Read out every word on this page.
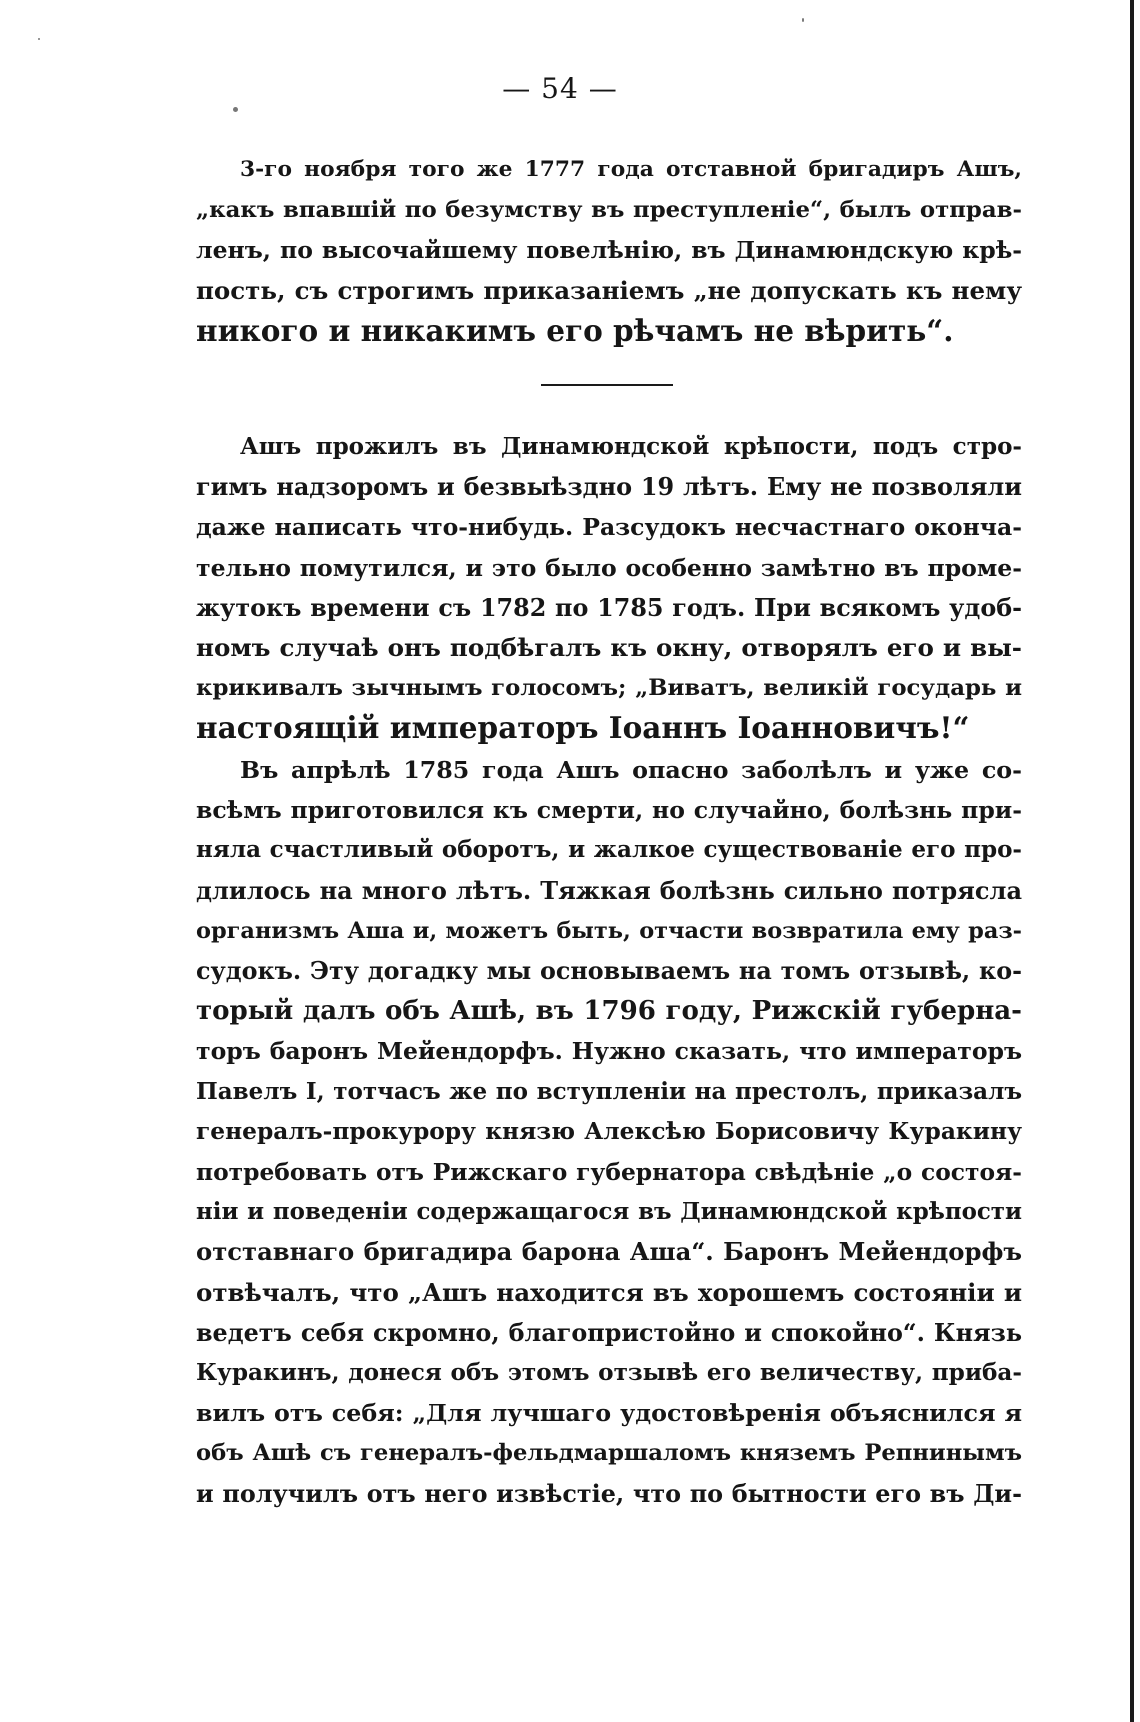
— 54 —
3-го ноября того же 1777 года отставной бригадиръ Ашъ,
„какъ впавшій по безумству въ преступленіе“, былъ отправ-
ленъ, по высочайшему повелѣнію, въ Динамюндскую крѣ-
пость, съ строгимъ приказаніемъ „не допускать къ нему
никого и никакимъ его рѣчамъ не вѣрить“.
Ашъ прожилъ въ Динамюндской крѣпости, подъ стро-
гимъ надзоромъ и безвыѣздно 19 лѣтъ. Ему не позволяли
даже написать что-нибудь. Разсудокъ несчастнаго оконча-
тельно помутился, и это было особенно замѣтно въ проме-
жутокъ времени съ 1782 по 1785 годъ. При всякомъ удоб-
номъ случаѣ онъ подбѣгалъ къ окну, отворялъ его и вы-
крикивалъ зычнымъ голосомъ; „Виватъ, великій государь и
настоящій императоръ Іоаннъ Іоанновичъ!“
Въ апрѣлѣ 1785 года Ашъ опасно заболѣлъ и уже со-
всѣмъ приготовился къ смерти, но случайно, болѣзнь при-
няла счастливый оборотъ, и жалкое существованіе его про-
длилось на много лѣтъ. Тяжкая болѣзнь сильно потрясла
организмъ Аша и, можетъ быть, отчасти возвратила ему раз-
судокъ. Эту догадку мы основываемъ на томъ отзывѣ, ко-
торый далъ объ Ашѣ, въ 1796 году, Рижскій губерна-
торъ баронъ Мейендорфъ. Нужно сказать, что императоръ
Павелъ I, тотчасъ же по вступленіи на престолъ, приказалъ
генералъ-прокурору князю Алексѣю Борисовичу Куракину
потребовать отъ Рижскаго губернатора свѣдѣніе „о состоя-
ніи и поведеніи содержащагося въ Динамюндской крѣпости
отставнаго бригадира барона Аша“. Баронъ Мейендорфъ
отвѣчалъ, что „Ашъ находится въ хорошемъ состояніи и
ведетъ себя скромно, благопристойно и спокойно“. Князь
Куракинъ, донеся объ этомъ отзывѣ его величеству, приба-
вилъ отъ себя: „Для лучшаго удостовѣренія объяснился я
объ Ашѣ съ генералъ-фельдмаршаломъ княземъ Репнинымъ
и получилъ отъ него извѣстіе, что по бытности его въ Ди-
